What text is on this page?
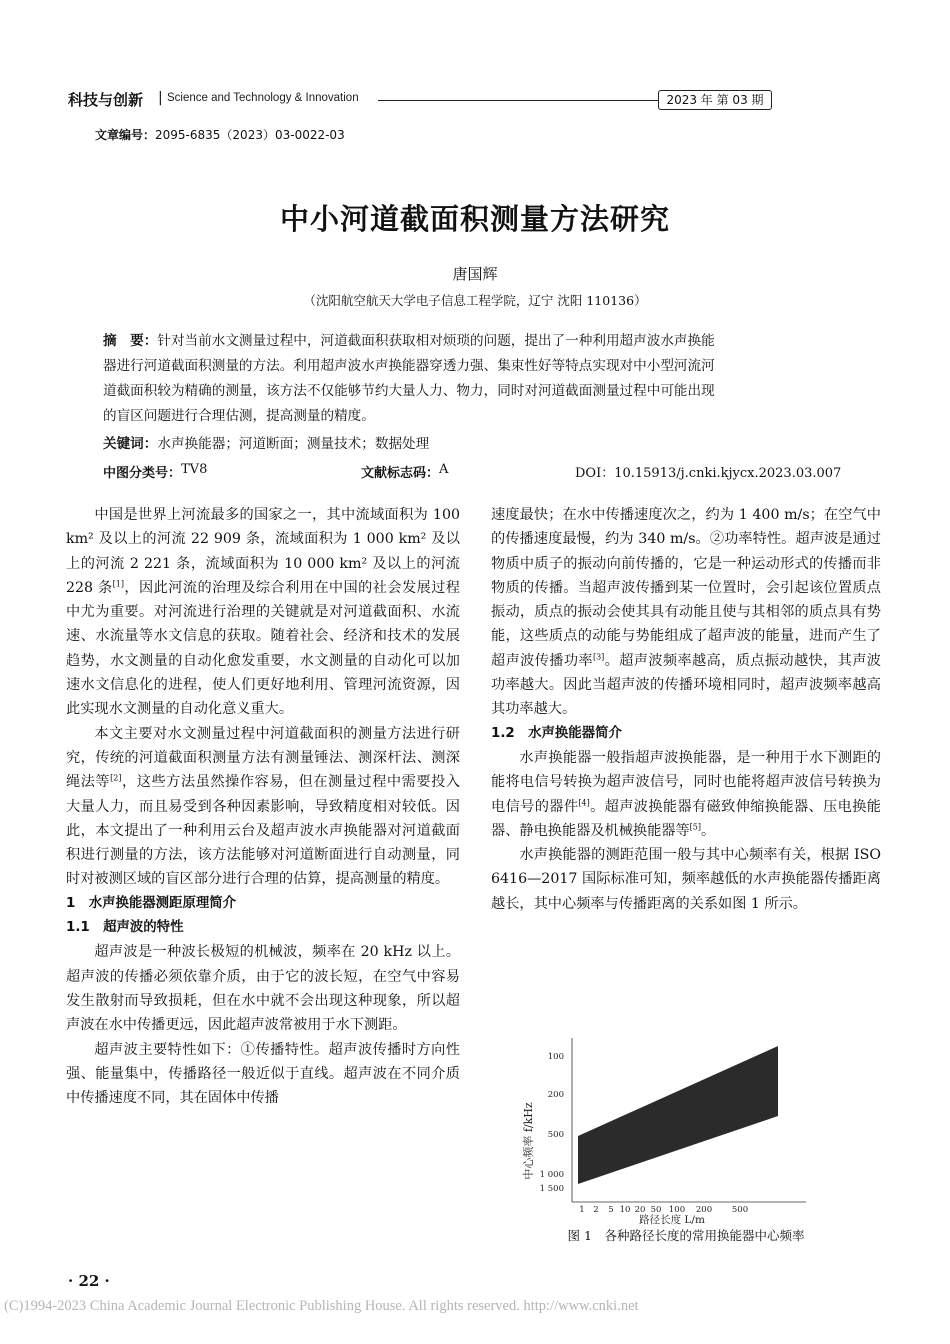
科技与创新 | Science and Technology & Innovation	2023 年 第 03 期
文章编号：2095-6835（2023）03-0022-03
中小河道截面积测量方法研究
唐国辉
（沈阳航空航天大学电子信息工程学院，辽宁 沈阳 110136）
摘　要：针对当前水文测量过程中，河道截面积获取相对烦琐的问题，提出了一种利用超声波水声换能
器进行河道截面积测量的方法。利用超声波水声换能器穿透力强、集束性好等特点实现对中小型河流河
道截面积较为精确的测量，该方法不仅能够节约大量人力、物力，同时对河道截面测量过程中可能出现
的盲区问题进行合理估测，提高测量的精度。
关键词：水声换能器；河道断面；测量技术；数据处理
中图分类号： TV8	文献标志码： A	DOI：10.15913/j.cnki.kjycx.2023.03.007

中国是世界上河流最多的国家之一，其中流域面积为 100 km² 及以上的河流 22 909 条，流域面积为 1 000 km² 及以上的河流 2 221 条，流域面积为 10 000 km² 及以上的河流 228 条[1]，因此河流的治理及综合利用在中国的社会发展过程中尤为重要。对河流进行治理的关键就是对河道截面积、水流速、水流量等水文信息的获取。随着社会、经济和技术的发展趋势，水文测量的自动化愈发重要，水文测量的自动化可以加速水文信息化的进程，使人们更好地利用、管理河流资源，因此实现水文测量的自动化意义重大。

本文主要对水文测量过程中河道截面积的测量方法进行研究，传统的河道截面积测量方法有测量锤法、测深杆法、测深绳法等[2]，这些方法虽然操作容易，但在测量过程中需要投入大量人力，而且易受到各种因素影响，导致精度相对较低。因此，本文提出了一种利用云台及超声波水声换能器对河道截面积进行测量的方法，该方法能够对河道断面进行自动测量，同时对被测区域的盲区部分进行合理的估算，提高测量的精度。

1　水声换能器测距原理简介
1.1　超声波的特性

超声波是一种波长极短的机械波，频率在 20 kHz 以上。超声波的传播必须依靠介质，由于它的波长短，在空气中容易发生散射而导致损耗，但在水中就不会出现这种现象，所以超声波在水中传播更远，因此超声波常被用于水下测距。

超声波主要特性如下：①传播特性。超声波传播时方向性强、能量集中，传播路径一般近似于直线。超声波在不同介质中传播速度不同，其在固体中传播

速度最快；在水中传播速度次之，约为 1 400 m/s；在空气中的传播速度最慢，约为 340 m/s。②功率特性。超声波是通过物质中质子的振动向前传播的，它是一种运动形式的传播而非物质的传播。当超声波传播到某一位置时，会引起该位置质点振动，质点的振动会使其具有动能且使与其相邻的质点具有势能，这些质点的动能与势能组成了超声波的能量，进而产生了超声波传播功率[3]。超声波频率越高，质点振动越快，其声波功率越大。因此当超声波的传播环境相同时，超声波频率越高其功率越大。

1.2　水声换能器简介

水声换能器一般指超声波换能器，是一种用于水下测距的能将电信号转换为超声波信号，同时也能将超声波信号转换为电信号的器件[4]。超声波换能器有磁致伸缩换能器、压电换能器、静电换能器及机械换能器等[5]。

水声换能器的测距范围一般与其中心频率有关，根据 ISO 6416—2017 国际标准可知，频率越低的水声换能器传播距离越长，其中心频率与传播距离的关系如图 1 所示。

100
200
500
1 000
1 500
1 2 5 10 20 50 100 200 500
中心频率 f/kHz
路径长度 L/m
图 1　各种路径长度的常用换能器中心频率
· 22 ·
(C)1994-2023 China Academic Journal Electronic Publishing House. All rights reserved. http://www.cnki.net
